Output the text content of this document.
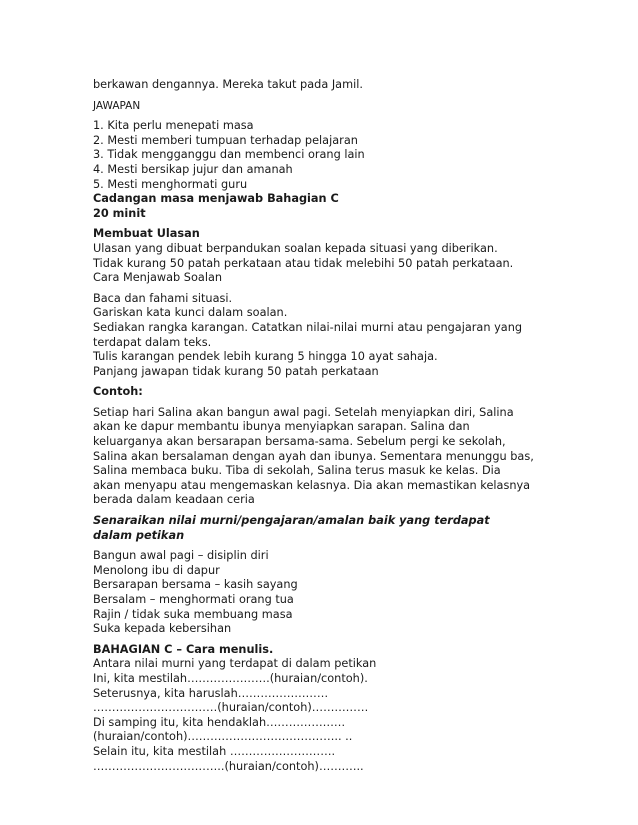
berkawan dengannya. Mereka takut pada Jamil.

JAWAPAN

1. Kita perlu menepati masa

2. Mesti memberi tumpuan terhadap pelajaran

3. Tidak mengganggu dan membenci orang lain

4. Mesti bersikap jujur dan amanah

5. Mesti menghormati guru

Cadangan masa menjawab Bahagian C

20 minit

Membuat Ulasan

Ulasan yang dibuat berpandukan soalan kepada situasi yang diberikan.

Tidak kurang 50 patah perkataan atau tidak melebihi 50 patah perkataan.

Cara Menjawab Soalan

Baca dan fahami situasi.

Gariskan kata kunci dalam soalan.

Sediakan rangka karangan. Catatkan nilai-nilai murni atau pengajaran yang

terdapat dalam teks.

Tulis karangan pendek lebih kurang 5 hingga 10 ayat sahaja.

Panjang jawapan tidak kurang 50 patah perkataan

Contoh:

Setiap hari Salina akan bangun awal pagi. Setelah menyiapkan diri, Salina

akan ke dapur membantu ibunya menyiapkan sarapan. Salina dan

keluarganya akan bersarapan bersama-sama. Sebelum pergi ke sekolah,

Salina akan bersalaman dengan ayah dan ibunya. Sementara menunggu bas,

Salina membaca buku. Tiba di sekolah, Salina terus masuk ke kelas. Dia

akan menyapu atau mengemaskan kelasnya. Dia akan memastikan kelasnya

berada dalam keadaan ceria

Senaraikan nilai murni/pengajaran/amalan baik yang terdapat

dalam petikan

Bangun awal pagi – disiplin diri

Menolong ibu di dapur

Bersarapan bersama – kasih sayang

Bersalam – menghormati orang tua

Rajin / tidak suka membuang masa

Suka kepada kebersihan

BAHAGIAN C – Cara menulis.

Antara nilai murni yang terdapat di dalam petikan

Ini, kita mestilah………………….(huraian/contoh).

Seterusnya, kita haruslah……………………

……………………………(huraian/contoh)……………

Di samping itu, kita hendaklah…………………

(huraian/contoh)………………………………….. ..

Selain itu, kita mestilah ……………………….

……………………………..(huraian/contoh)………...
